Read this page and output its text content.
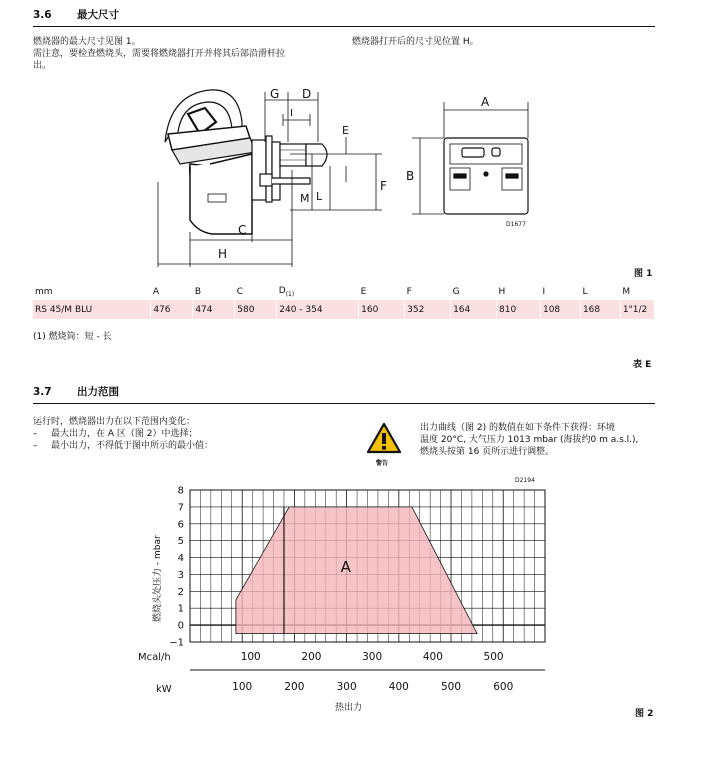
3.6 最大尺寸
燃烧器的最大尺寸见图 1。
需注意，要检查燃烧头，需要将燃烧器打开并将其后部沿滑杆拉
出。
燃烧器打开后的尺寸见位置 H。
G D
I
E
F
L
M
C
H
A
B
D1677
图 1
mm	A	B	C	$D_{(1)}$	E	F	G	H	I	L	M
RS 45/M BLU	476	474	580	240 - 354	160	352	164	810	108	168	1"1/2
(1) 燃烧筒：短 - 长
表 E
3.7 出力范围
运行时，燃烧器出力在以下范围内变化：
– 最大出力，在 A 区（图 2）中选择；
– 最小出力，不得低于图中所示的最小值：
警告
出力曲线（图 2) 的数值在如下条件下获得：环境
温度 20°C, 大气压力 1013 mbar (海拔约0 m a.s.l.),
燃烧头按第 16 页所示进行调整。
A
−1
0
1
2
3
4
5
6
7
8
100	200	300	400	500
100	200	300	400	500	600
D2194
燃烧头处压力 - mbar
Mcal/h
kW
热出力
图 2
